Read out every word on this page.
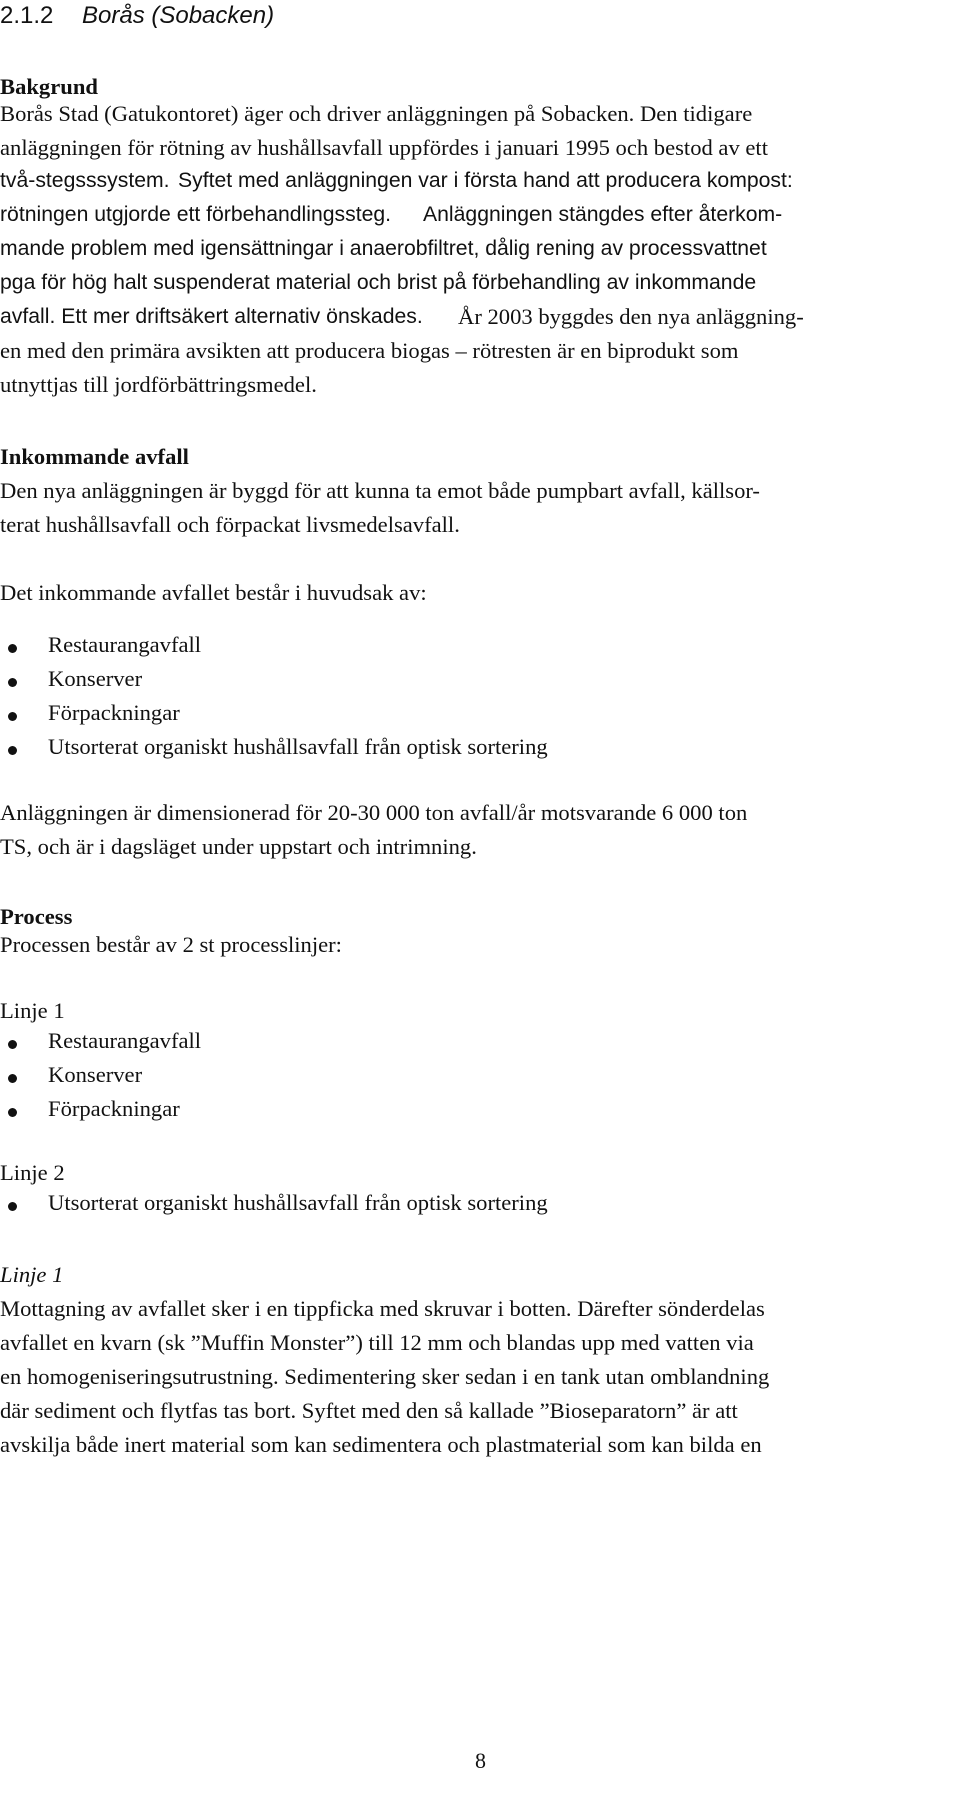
2.1.2 Borås (Sobacken)
Bakgrund
Borås Stad (Gatukontoret) äger och driver anläggningen på Sobacken. Den tidigare
anläggningen för rötning av hushållsavfall uppfördes i januari 1995 och bestod av ett
två-stegsssystem. Syftet med anläggningen var i första hand att producera kompost:
rötningen utgjorde ett förbehandlingssteg. Anläggningen stängdes efter återkom-
mande problem med igensättningar i anaerobfiltret, dålig rening av processvattnet
pga för hög halt suspenderat material och brist på förbehandling av inkommande
avfall. Ett mer driftsäkert alternativ önskades. År 2003 byggdes den nya anläggning-
en med den primära avsikten att producera biogas – rötresten är en biprodukt som
utnyttjas till jordförbättringsmedel.
Inkommande avfall
Den nya anläggningen är byggd för att kunna ta emot både pumpbart avfall, källsor-
terat hushållsavfall och förpackat livsmedelsavfall.
Det inkommande avfallet består i huvudsak av:
Restaurangavfall
Konserver
Förpackningar
Utsorterat organiskt hushållsavfall från optisk sortering
Anläggningen är dimensionerad för 20-30 000 ton avfall/år motsvarande 6 000 ton
TS, och är i dagsläget under uppstart och intrimning.
Process
Processen består av 2 st processlinjer:
Linje 1
Restaurangavfall
Konserver
Förpackningar
Linje 2
Utsorterat organiskt hushållsavfall från optisk sortering
Linje 1
Mottagning av avfallet sker i en tippficka med skruvar i botten. Därefter sönderdelas
avfallet en kvarn (sk ”Muffin Monster”) till 12 mm och blandas upp med vatten via
en homogeniseringsutrustning. Sedimentering sker sedan i en tank utan omblandning
där sediment och flytfas tas bort. Syftet med den så kallade ”Bioseparatorn” är att
avskilja både inert material som kan sedimentera och plastmaterial som kan bilda en
8
